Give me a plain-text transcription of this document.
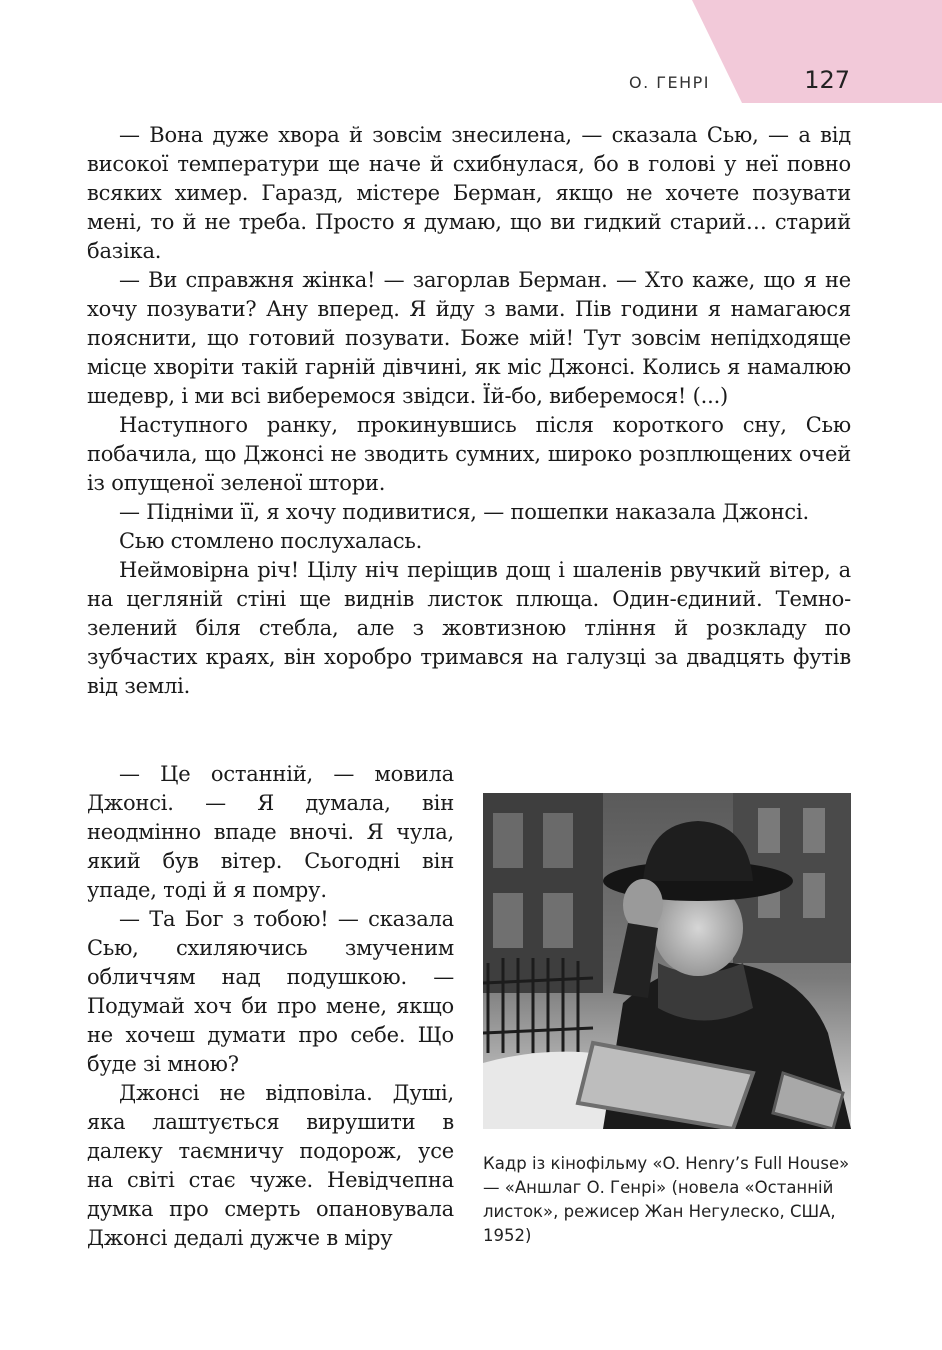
О. ГЕНРІ	127

— Вона дуже хвора й зовсім знесилена, — сказала Сью, — а від високої температури ще наче й схибнулася, бо в голові у неї повно всяких химер. Гаразд, містере Берман, якщо не хочете позувати мені, то й не треба. Просто я думаю, що ви гидкий старий… старий базіка.

— Ви справжня жінка! — загорлав Берман. — Хто каже, що я не хочу позувати? Ану вперед. Я йду з вами. Пів години я намагаюся пояснити, що готовий позувати. Боже мій! Тут зовсім непідходяще місце хворіти такій гарній дівчині, як міс Джонсі. Колись я намалюю шедевр, і ми всі виберемося звідси. Їй-бо, виберемося! (...)

Наступного ранку, прокинувшись після короткого сну, Сью побачила, що Джонсі не зводить сумних, широко розплющених очей із опущеної зеленої штори.

— Підніми її, я хочу подивитися, — пошепки наказала Джонсі.

Сью стомлено послухалась.

Неймовірна річ! Цілу ніч періщив дощ і шаленів рвучкий вітер, а на цегляній стіні ще виднів листок плюща. Один-єдиний. Темно-зелений біля стебла, але з жовтизною тління й розкладу по зубчастих краях, він хоробро тримався на галузці за двадцять футів від землі.

— Це останній, — мовила Джонсі. — Я думала, він неодмінно впаде вночі. Я чула, який був вітер. Сьогодні він упаде, тоді й я помру.

— Та Бог з тобою! — сказала Сью, схиляючись змученим обличчям над подушкою. — Подумай хоч би про мене, якщо не хочеш думати про себе. Що буде зі мною?

Джонсі не відповіла. Душі, яка лаштується вирушити в далеку таємничу подорож, усе на світі стає чуже. Невідчепна думка про смерть опановувала Джонсі дедалі дужче в міру

Кадр із кінофільму «O. Henry’s Full House» — «Аншлаг О. Генрі» (новела «Останній листок», режисер Жан Негулеско, США, 1952)
